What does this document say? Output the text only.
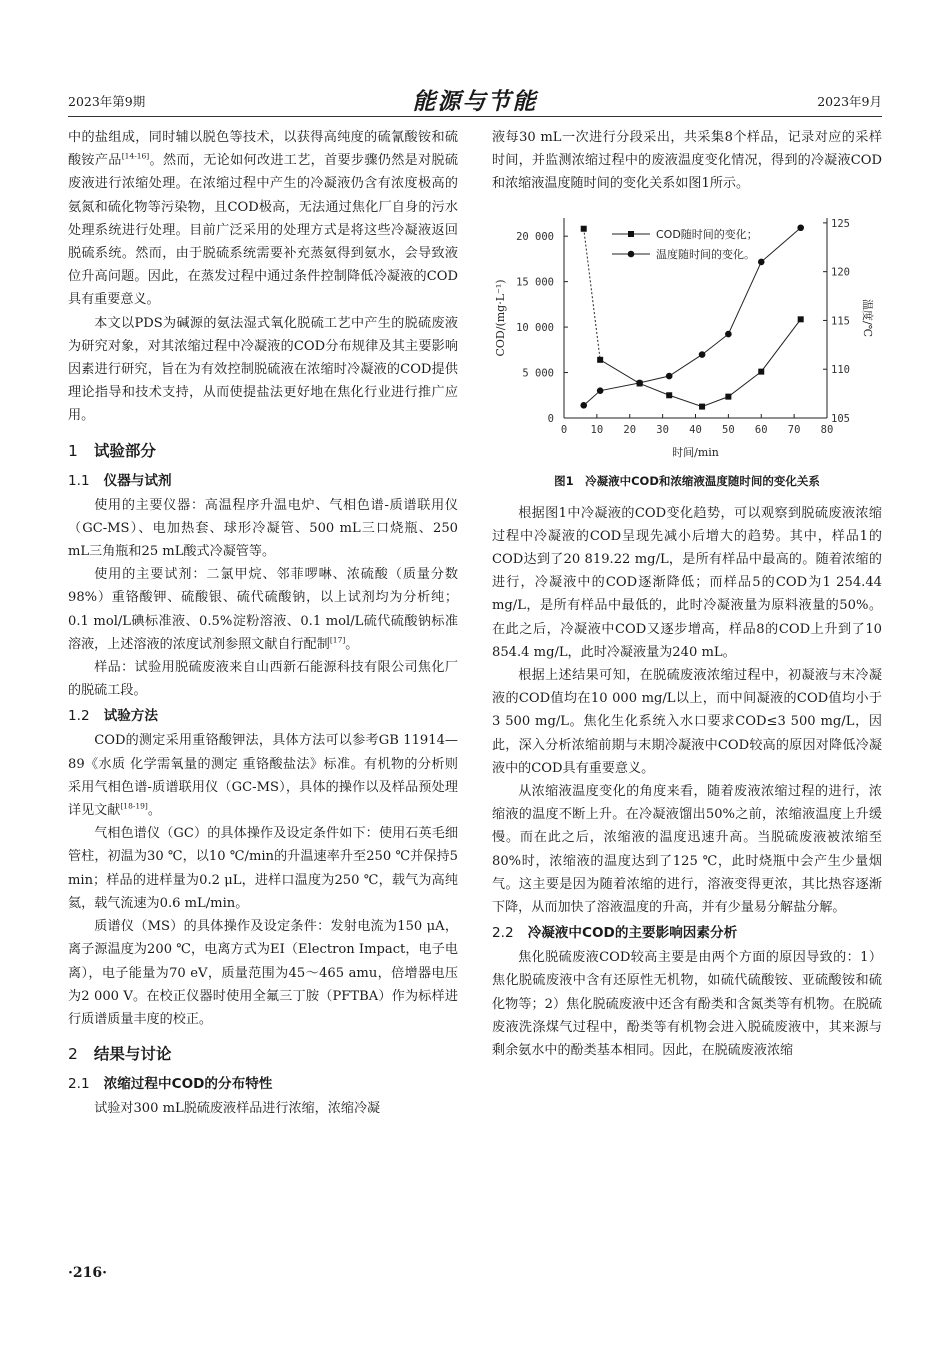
2023年第9期	能源与节能	2023年9月

中的盐组成，同时辅以脱色等技术，以获得高纯度的硫氰酸铵和硫酸铵产品[14-16]。然而，无论如何改进工艺，首要步骤仍然是对脱硫废液进行浓缩处理。在浓缩过程中产生的冷凝液仍含有浓度极高的氨氮和硫化物等污染物，且COD极高，无法通过焦化厂自身的污水处理系统进行处理。目前广泛采用的处理方式是将这些冷凝液返回脱硫系统。然而，由于脱硫系统需要补充蒸氨得到氨水，会导致液位升高问题。因此，在蒸发过程中通过条件控制降低冷凝液的COD具有重要意义。

本文以PDS为碱源的氨法湿式氧化脱硫工艺中产生的脱硫废液为研究对象，对其浓缩过程中冷凝液的COD分布规律及其主要影响因素进行研究，旨在为有效控制脱硫液在浓缩时冷凝液的COD提供理论指导和技术支持，从而使提盐法更好地在焦化行业进行推广应用。

1 试验部分
1.1 仪器与试剂

使用的主要仪器：高温程序升温电炉、气相色谱-质谱联用仪（GC-MS）、电加热套、球形冷凝管、500 mL三口烧瓶、250 mL三角瓶和25 mL酸式冷凝管等。

使用的主要试剂：二氯甲烷、邻菲啰啉、浓硫酸（质量分数98%）重铬酸钾、硫酸银、硫代硫酸钠，以上试剂均为分析纯；0.1 mol/L碘标准液、0.5%淀粉溶液、0.1 mol/L硫代硫酸钠标准溶液，上述溶液的浓度试剂参照文献自行配制[17]。

样品：试验用脱硫废液来自山西新石能源科技有限公司焦化厂的脱硫工段。

1.2 试验方法

COD的测定采用重铬酸钾法，具体方法可以参考GB 11914—89《水质 化学需氧量的测定 重铬酸盐法》标准。有机物的分析则采用气相色谱-质谱联用仪（GC-MS），具体的操作以及样品预处理详见文献[18-19]。

气相色谱仪（GC）的具体操作及设定条件如下：使用石英毛细管柱，初温为30 ℃，以10 ℃/min的升温速率升至250 ℃并保持5 min；样品的进样量为0.2 μL，进样口温度为250 ℃，载气为高纯氦，载气流速为0.6 mL/min。

质谱仪（MS）的具体操作及设定条件：发射电流为150 μA，离子源温度为200 ℃，电离方式为EI（Electron Impact，电子电离），电子能量为70 eV，质量范围为45～465 amu，倍增器电压为2 000 V。在校正仪器时使用全氟三丁胺（PFTBA）作为标样进行质谱质量丰度的校正。

2 结果与讨论
2.1 浓缩过程中COD的分布特性

试验对300 mL脱硫废液样品进行浓缩，浓缩冷凝

液每30 mL一次进行分段采出，共采集8个样品，记录对应的采样时间，并监测浓缩过程中的废液温度变化情况，得到的冷凝液COD和浓缩液温度随时间的变化关系如图1所示。

0 10 20 30 40 50 60 70 80
0
5 000
10 000
15 000
20 000
105
110
115
120
125
时间/min
COD/(mg·L⁻¹)	温度/℃
COD随时间的变化；
温度随时间的变化。
图1　冷凝液中COD和浓缩液温度随时间的变化关系

根据图1中冷凝液的COD变化趋势，可以观察到脱硫废液浓缩过程中冷凝液的COD呈现先减小后增大的趋势。其中，样品1的COD达到了20 819.22 mg/L，是所有样品中最高的。随着浓缩的进行，冷凝液中的COD逐渐降低；而样品5的COD为1 254.44 mg/L，是所有样品中最低的，此时冷凝液量为原料液量的50%。在此之后，冷凝液中COD又逐步增高，样品8的COD上升到了10 854.4 mg/L，此时冷凝液量为240 mL。

根据上述结果可知，在脱硫废液浓缩过程中，初凝液与末冷凝液的COD值均在10 000 mg/L以上，而中间凝液的COD值均小于3 500 mg/L。焦化生化系统入水口要求COD≤3 500 mg/L，因此，深入分析浓缩前期与末期冷凝液中COD较高的原因对降低冷凝液中的COD具有重要意义。

从浓缩液温度变化的角度来看，随着废液浓缩过程的进行，浓缩液的温度不断上升。在冷凝液馏出50%之前，浓缩液温度上升缓慢。而在此之后，浓缩液的温度迅速升高。当脱硫废液被浓缩至80%时，浓缩液的温度达到了125 ℃，此时烧瓶中会产生少量烟气。这主要是因为随着浓缩的进行，溶液变得更浓，其比热容逐渐下降，从而加快了溶液温度的升高，并有少量易分解盐分解。

2.2 冷凝液中COD的主要影响因素分析

焦化脱硫废液COD较高主要是由两个方面的原因导致的：1）焦化脱硫废液中含有还原性无机物，如硫代硫酸铵、亚硫酸铵和硫化物等；2）焦化脱硫废液中还含有酚类和含氮类等有机物。在脱硫废液洗涤煤气过程中，酚类等有机物会进入脱硫废液中，其来源与剩余氨水中的酚类基本相同。因此，在脱硫废液浓缩

·216·
